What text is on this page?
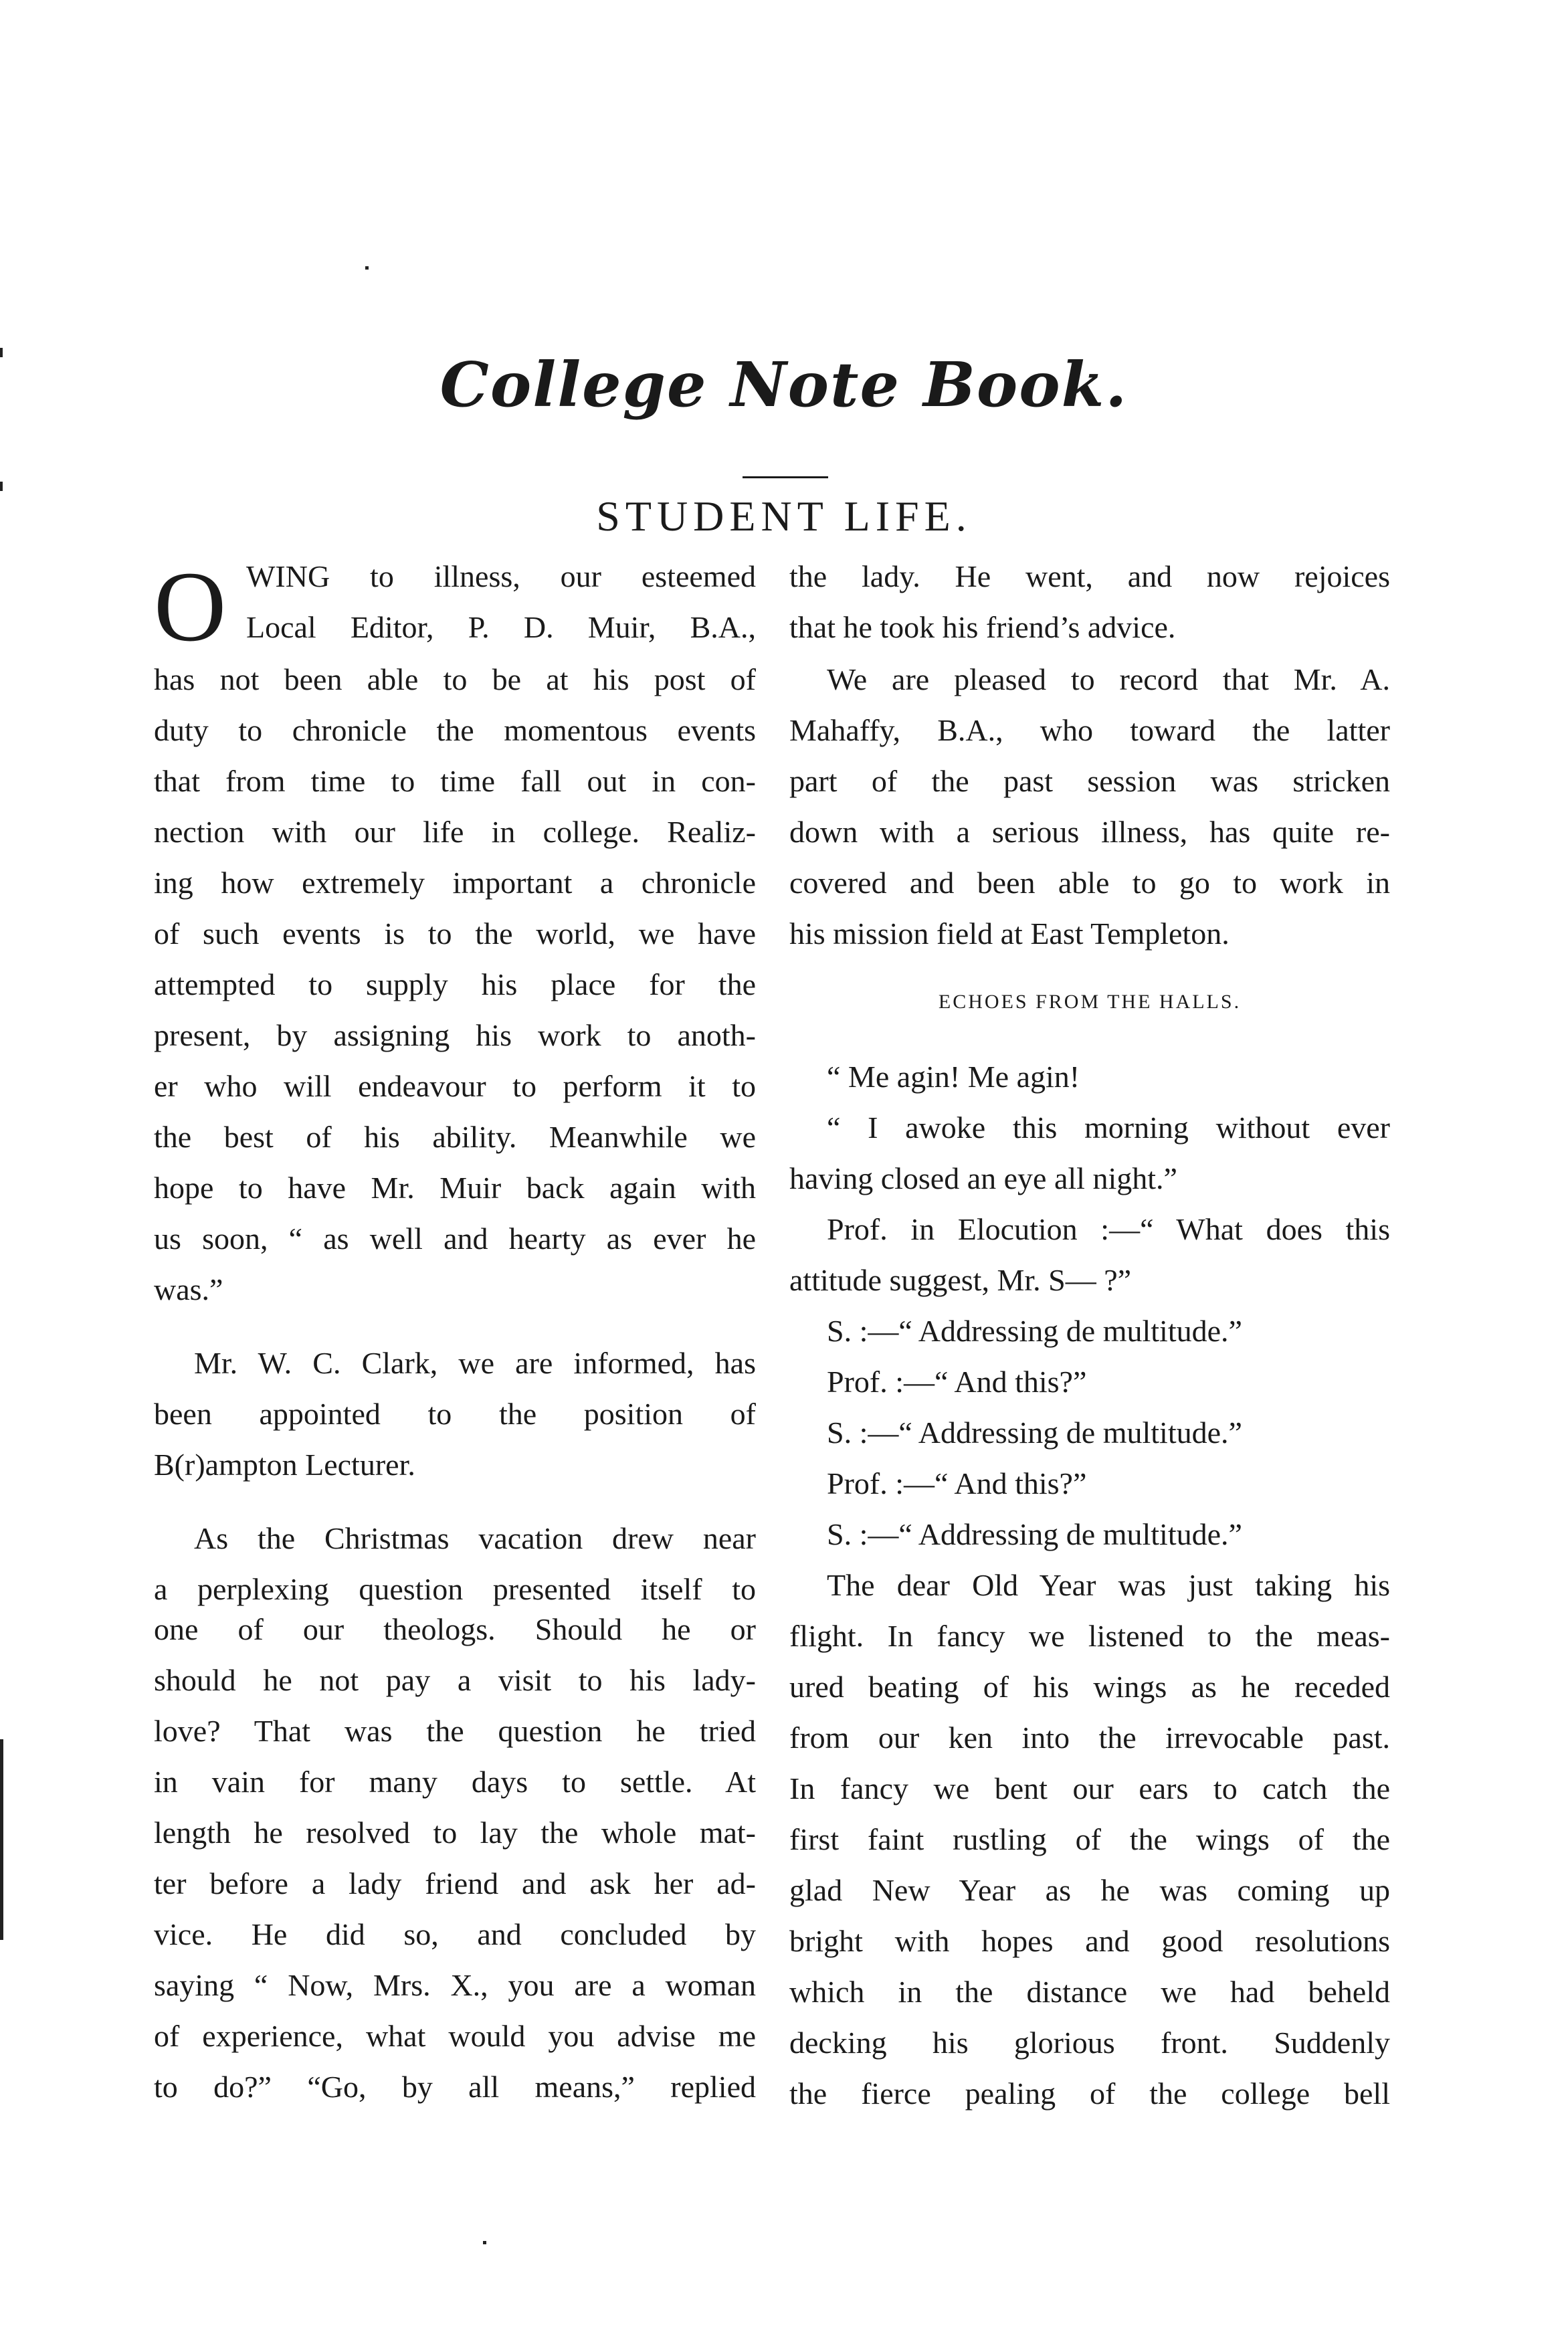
College Note Book.
STUDENT LIFE.
O WING to illness, our esteemed
Local Editor, P. D. Muir, B.A.,
has not been able to be at his post of
duty to chronicle the momentous events
that from time to time fall out in con-
nection with our life in college. Realiz-
ing how extremely important a chronicle
of such events is to the world, we have
attempted to supply his place for the
present, by assigning his work to anoth-
er who will endeavour to perform it to
the best of his ability. Meanwhile we
hope to have Mr. Muir back again with
us soon, “ as well and hearty as ever he
was.”
Mr. W. C. Clark, we are informed, has
been appointed to the position of
B(r)ampton Lecturer.
As the Christmas vacation drew near
a perplexing question presented itself to
one of our theologs. Should he or
should he not pay a visit to his lady-
love? That was the question he tried
in vain for many days to settle. At
length he resolved to lay the whole mat-
ter before a lady friend and ask her ad-
vice. He did so, and concluded by
saying “ Now, Mrs. X., you are a woman
of experience, what would you advise me
to do?” “Go, by all means,” replied
the lady. He went, and now rejoices
that he took his friend’s advice.
We are pleased to record that Mr. A.
Mahaffy, B.A., who toward the latter
part of the past session was stricken
down with a serious illness, has quite re-
covered and been able to go to work in
his mission field at East Templeton.
ECHOES FROM THE HALLS.
“ Me agin! Me agin!
“ I awoke this morning without ever
having closed an eye all night.”
Prof. in Elocution :—“ What does this
attitude suggest, Mr. S— ?”
S. :—“ Addressing de multitude.”
Prof. :—“ And this?”
S. :—“ Addressing de multitude.”
Prof. :—“ And this?”
S. :—“ Addressing de multitude.”
The dear Old Year was just taking his
flight. In fancy we listened to the meas-
ured beating of his wings as he receded
from our ken into the irrevocable past.
In fancy we bent our ears to catch the
first faint rustling of the wings of the
glad New Year as he was coming up
bright with hopes and good resolutions
which in the distance we had beheld
decking his glorious front. Suddenly
the fierce pealing of the college bell
